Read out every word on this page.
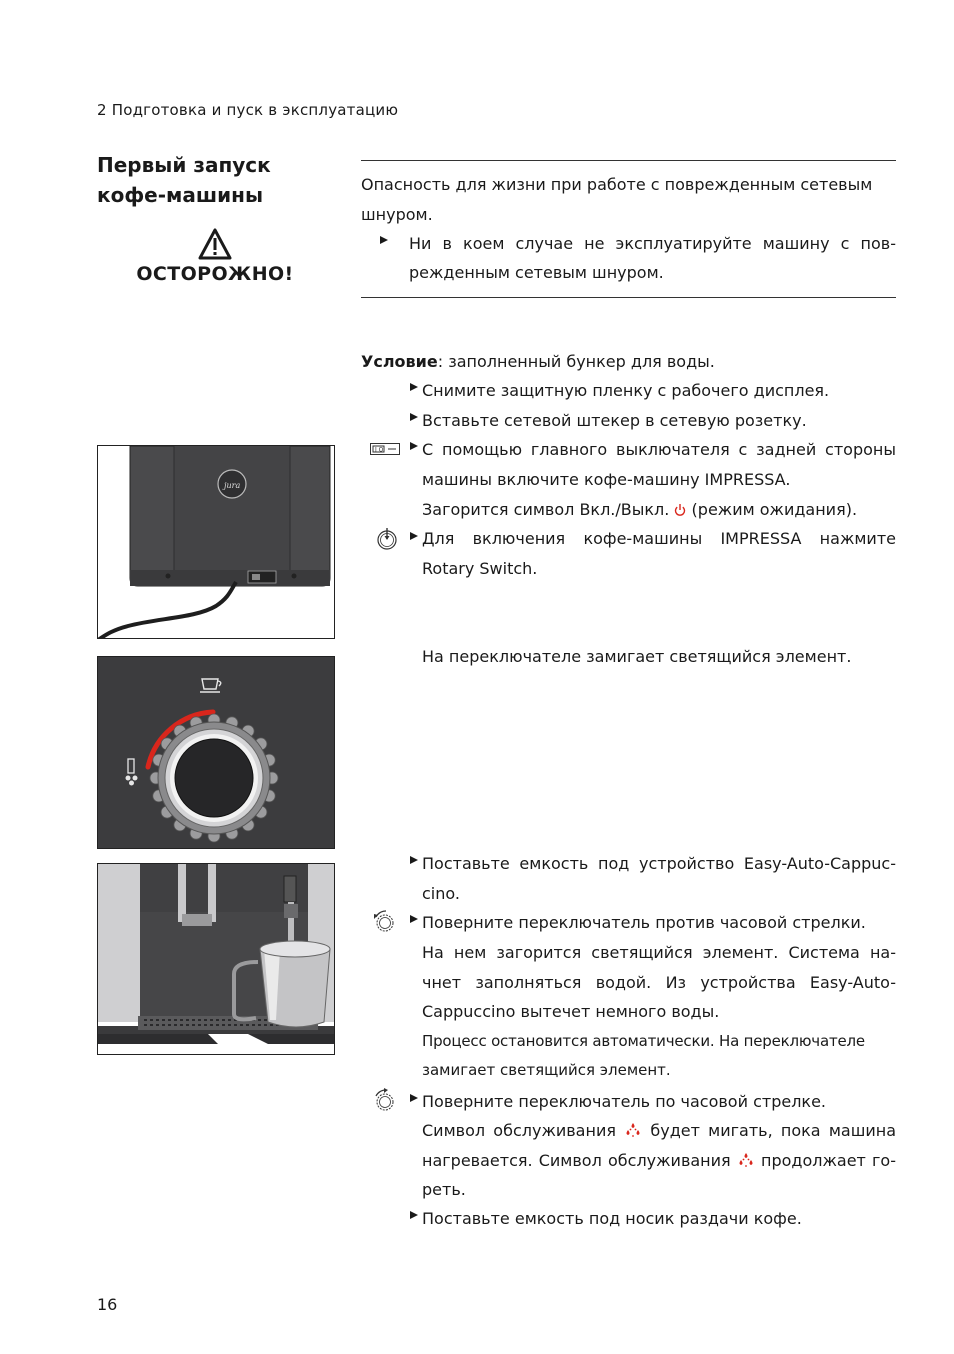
2 Подготовка и пуск в эксплуатацию
Первый запуск
кофе-машины
ОСТОРОЖНО!
Опасность для жизни при работе с поврежденным сетевым
шнуром.
Ни в коем случае не эксплуатируйте машину с пов-
режденным сетевым шнуром.
Условие: заполненный бункер для воды.
Снимите защитную пленку с рабочего дисплея.
Вставьте сетевой штекер в сетевую розетку.
I O С помощью главного выключателя с задней стороны
машины включите кофе-машину IMPRESSA.
Загорится символ Вкл./Выкл.  (режим ожидания).
Для включения кофе-машины IMPRESSA нажмите
Rotary Switch.
На переключателе замигает светящийся элемент.
Поставьте емкость под устройство Easy-Auto-Cappuc-
cino.
Поверните переключатель против часовой стрелки.
На нем загорится светящийся элемент. Система на-
чнет заполняться водой. Из устройства Easy-Auto-
Cappuccino вытечет немного воды.
Процесс остановится автоматически. На переключателе
замигает светящийся элемент.
Поверните переключатель по часовой стрелке.
Символ обслуживания  будет мигать, пока машина
нагревается. Символ обслуживания  продолжает го-
реть.
Поставьте емкость под носик раздачи кофе.
jura
16
